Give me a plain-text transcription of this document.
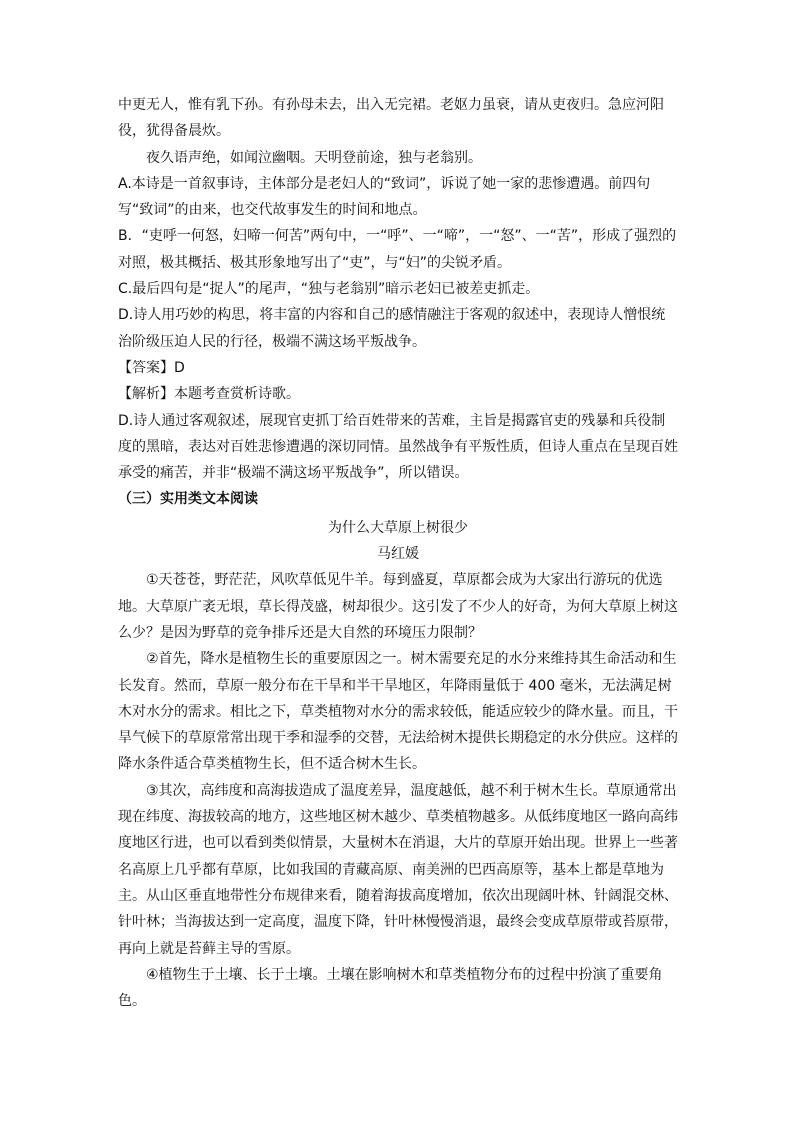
中更无人，惟有乳下孙。有孙母未去，出入无完裙。老妪力虽衰，请从吏夜归。急应河阳役，犹得备晨炊。

夜久语声绝，如闻泣幽咽。天明登前途，独与老翁别。

A.本诗是一首叙事诗，主体部分是老妇人的“致词”，诉说了她一家的悲惨遭遇。前四句写“致词”的由来，也交代故事发生的时间和地点。

B．“吏呼一何怒，妇啼一何苦”两句中，一“呼”、一“啼”，一“怒”、一“苦”，形成了强烈的对照，极其概括、极其形象地写出了“吏”，与“妇”的尖锐矛盾。

C.最后四句是“捉人”的尾声，“独与老翁别”暗示老妇已被差吏抓走。

D.诗人用巧妙的构思，将丰富的内容和自己的感情融注于客观的叙述中，表现诗人憎恨统治阶级压迫人民的行径，极端不满这场平叛战争。

【答案】D

【解析】本题考查赏析诗歌。

D.诗人通过客观叙述，展现官吏抓丁给百姓带来的苦难，主旨是揭露官吏的残暴和兵役制度的黑暗，表达对百姓悲惨遭遇的深切同情。虽然战争有平叛性质，但诗人重点在呈现百姓承受的痛苦，并非“极端不满这场平叛战争”，所以错误。

（三）实用类文本阅读

为什么大草原上树很少

马红媛

①天苍苍，野茫茫，风吹草低见牛羊。每到盛夏，草原都会成为大家出行游玩的优选地。大草原广袤无垠，草长得茂盛，树却很少。这引发了不少人的好奇，为何大草原上树这么少？是因为野草的竞争排斥还是大自然的环境压力限制？

②首先，降水是植物生长的重要原因之一。树木需要充足的水分来维持其生命活动和生长发育。然而，草原一般分布在干旱和半干旱地区，年降雨量低于 400 毫米，无法满足树木对水分的需求。相比之下，草类植物对水分的需求较低，能适应较少的降水量。而且，干旱气候下的草原常常出现干季和湿季的交替，无法给树木提供长期稳定的水分供应。这样的降水条件适合草类植物生长，但不适合树木生长。

③其次，高纬度和高海拔造成了温度差异，温度越低，越不利于树木生长。草原通常出现在纬度、海拔较高的地方，这些地区树木越少、草类植物越多。从低纬度地区一路向高纬度地区行进，也可以看到类似情景，大量树木在消退，大片的草原开始出现。世界上一些著名高原上几乎都有草原，比如我国的青藏高原、南美洲的巴西高原等，基本上都是草地为主。从山区垂直地带性分布规律来看，随着海拔高度增加，依次出现阔叶林、针阔混交林、针叶林；当海拔达到一定高度，温度下降，针叶林慢慢消退，最终会变成草原带或苔原带，再向上就是苔藓主导的雪原。

④植物生于土壤、长于土壤。土壤在影响树木和草类植物分布的过程中扮演了重要角色。
